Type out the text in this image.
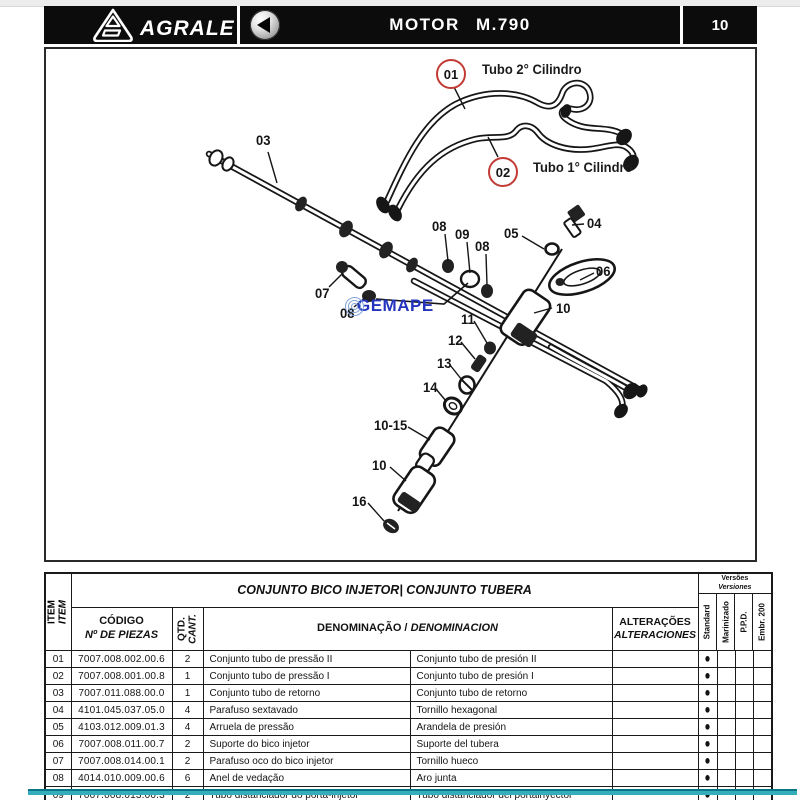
AGRALE	MOTOR M.790	10
01 Tubo 2° Cilindro
02 Tubo 1° Cilindro
03
04
05
06
07
08
08
09
08
10
11
12
13
14
10-15
10
16
GEMAPE
ITEM
ITEM
	CONJUNTO BICO INJETOR| CONJUNTO TUBERA	
Versões
Versiones
Standard Marinizado P.P.D. Embr. 200

	CÓDIGO
Nº DE PIEZAS	QTD.
CANT.	DENOMINAÇÃO / DENOMINACION		ALTERAÇÕES
ALTERACIONES				

01	7007.008.002.00.6	2	Conjunto tubo de pressão II	Conjunto tubo de presión II		●			
02	7007.008.001.00.8	1	Conjunto tubo de pressão I	Conjunto tubo de presión I		●			
03	7007.011.088.00.0	1	Conjunto tubo de retorno	Conjunto tubo de retorno		●			
04	4101.045.037.05.0	4	Parafuso sextavado	Tornillo hexagonal		●			
05	4103.012.009.01.3	4	Arruela de pressão	Arandela de presión		●			
06	7007.008.011.00.7	2	Suporte do bico injetor	Suporte del tubera		●			
07	7007.008.014.00.1	2	Parafuso oco do bico injetor	Tornillo hueco		●			
08	4014.010.009.00.6	6	Anel de vedação	Aro junta		●			
